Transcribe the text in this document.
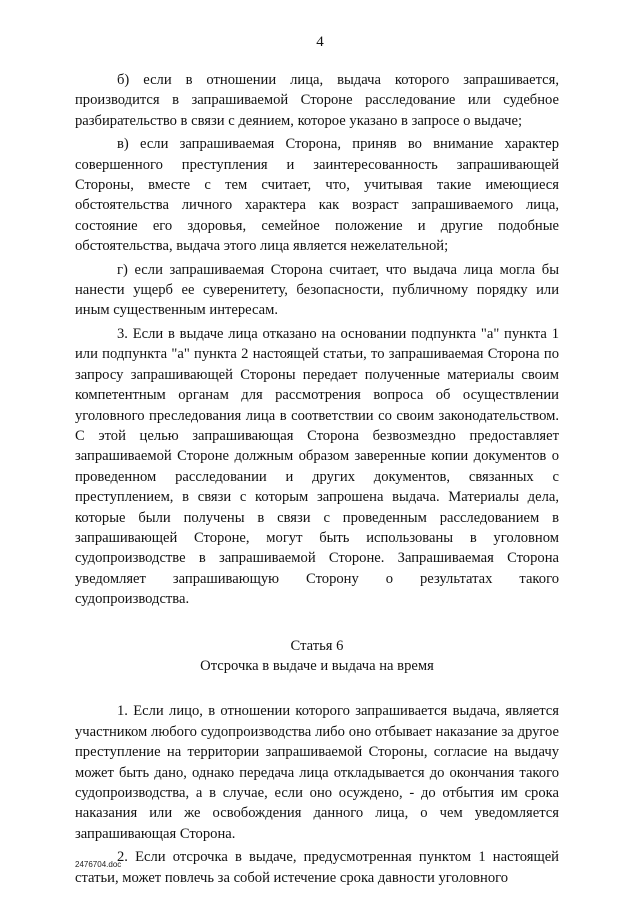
4

б) если в отношении лица, выдача которого запрашивается, производится в запрашиваемой Стороне расследование или судебное разбирательство в связи с деянием, которое указано в запросе о выдаче;

в) если запрашиваемая Сторона, приняв во внимание характер совершенного преступления и заинтересованность запрашивающей Стороны, вместе с тем считает, что, учитывая такие имеющиеся обстоятельства личного характера как возраст запрашиваемого лица, состояние его здоровья, семейное положение и другие подобные обстоятельства, выдача этого лица является нежелательной;

г) если запрашиваемая Сторона считает, что выдача лица могла бы нанести ущерб ее суверенитету, безопасности, публичному порядку или иным существенным интересам.

3. Если в выдаче лица отказано на основании подпункта "а" пункта 1 или подпункта "а" пункта 2 настоящей статьи, то запрашиваемая Сторона по запросу запрашивающей Стороны передает полученные материалы своим компетентным органам для рассмотрения вопроса об осуществлении уголовного преследования лица в соответствии со своим законодательством. С этой целью запрашивающая Сторона безвозмездно предоставляет запрашиваемой Стороне должным образом заверенные копии документов о проведенном расследовании и других документов, связанных с преступлением, в связи с которым запрошена выдача. Материалы дела, которые были получены в связи с проведенным расследованием в запрашивающей Стороне, могут быть использованы в уголовном судопроизводстве в запрашиваемой Стороне. Запрашиваемая Сторона уведомляет запрашивающую Сторону о результатах такого судопроизводства.

Статья 6
Отсрочка в выдаче и выдача на время

1. Если лицо, в отношении которого запрашивается выдача, является участником любого судопроизводства либо оно отбывает наказание за другое преступление на территории запрашиваемой Стороны, согласие на выдачу может быть дано, однако передача лица откладывается до окончания такого судопроизводства, а в случае, если оно осуждено, - до отбытия им срока наказания или же освобождения данного лица, о чем уведомляется запрашивающая Сторона.

2. Если отсрочка в выдаче, предусмотренная пунктом 1 настоящей статьи, может повлечь за собой истечение срока давности уголовного

2476704.doc
